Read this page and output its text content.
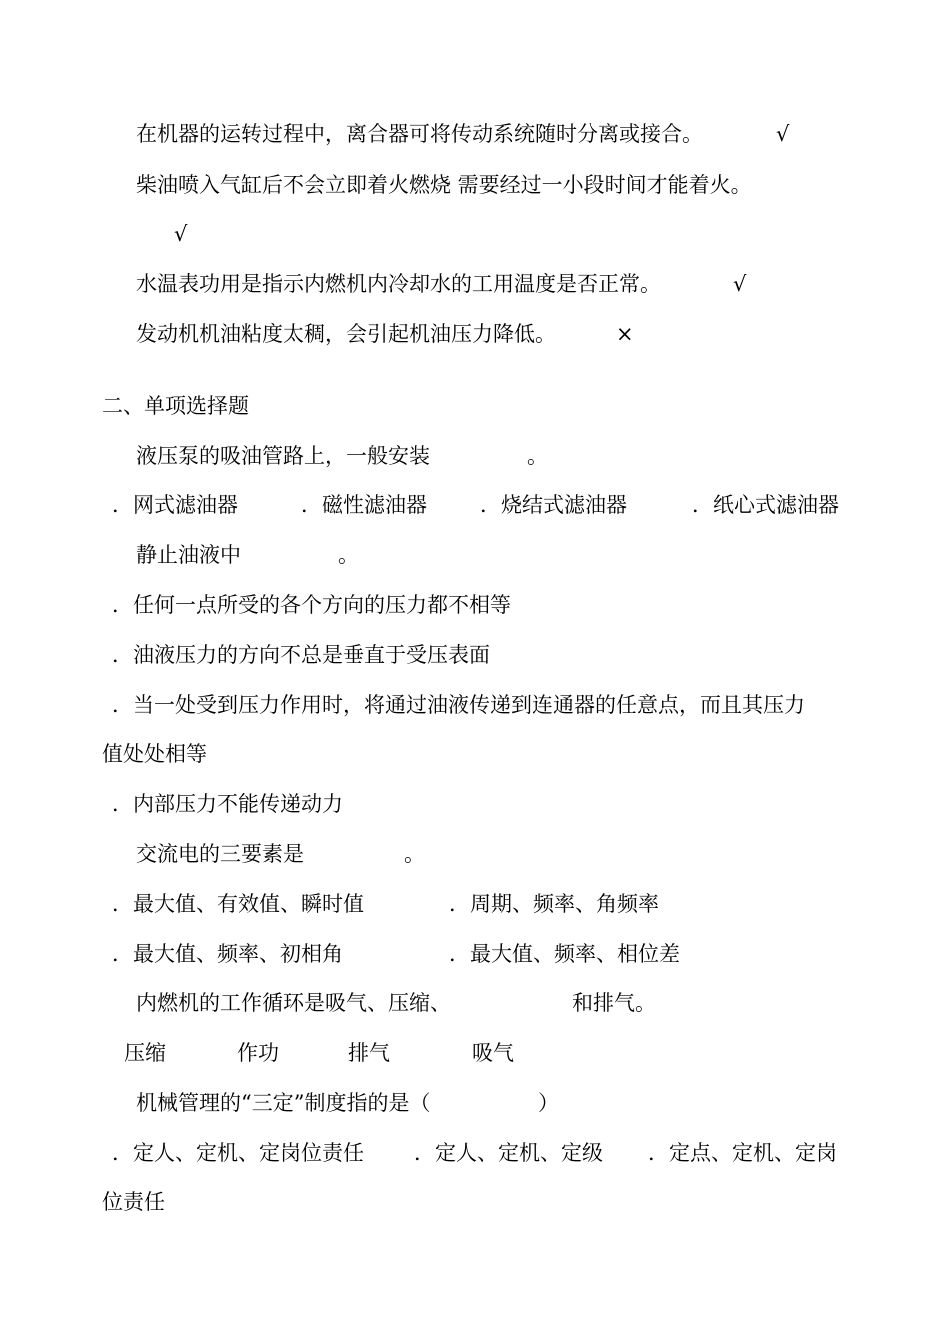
在机器的运转过程中，离合器可将传动系统随时分离或接合。	√
柴油喷入气缸后不会立即着火燃烧 需要经过一小段时间才能着火。
√
水温表功用是指示内燃机内冷却水的工用温度是否正常。	√
发动机机油粘度太稠，会引起机油压力降低。	×
二、单项选择题
液压泵的吸油管路上，一般安装	。
．网式滤油器	．磁性滤油器	．烧结式滤油器	．纸心式滤油器
静止油液中	。
．任何一点所受的各个方向的压力都不相等
．油液压力的方向不总是垂直于受压表面
．当一处受到压力作用时，将通过油液传递到连通器的任意点，而且其压力
值处处相等
．内部压力不能传递动力
交流电的三要素是	。
．最大值、有效值、瞬时值	．周期、频率、角频率
．最大值、频率、初相角	．最大值、频率、相位差
内燃机的工作循环是吸气、压缩、	和排气。
压缩	作功	排气	吸气
机械管理的“三定”制度指的是（	）
．定人、定机、定岗位责任 ．定人、定机、定级 ．定点、定机、定岗
位责任
